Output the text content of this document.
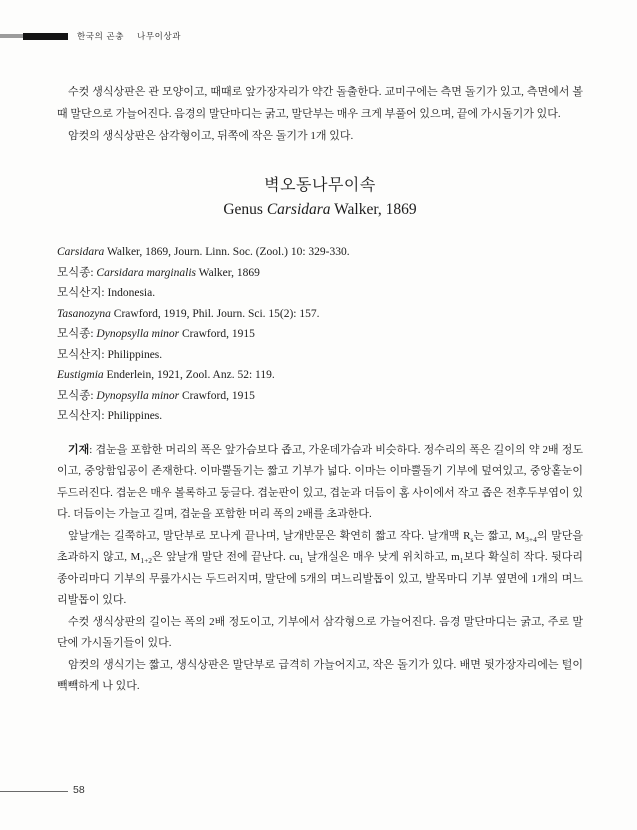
한국의 곤충 나무이상과

수컷 생식상판은 관 모양이고, 때때로 앞가장자리가 약간 돌출한다. 교미구에는 측면 돌기가 있고, 측면에서 볼 때 말단으로 가늘어진다. 음경의 말단마디는 굵고, 말단부는 매우 크게 부풀어 있으며, 끝에 가시돌기가 있다.

암컷의 생식상판은 삼각형이고, 뒤쪽에 작은 돌기가 1개 있다.

벽오동나무이속
Genus Carsidara Walker, 1869
Carsidara Walker, 1869, Journ. Linn. Soc. (Zool.) 10: 329-330.
모식종: Carsidara marginalis Walker, 1869
모식산지: Indonesia.
Tasanozyna Crawford, 1919, Phil. Journ. Sci. 15(2): 157.
모식종: Dynopsylla minor Crawford, 1915
모식산지: Philippines.
Eustigmia Enderlein, 1921, Zool. Anz. 52: 119.
모식종: Dynopsylla minor Crawford, 1915
모식산지: Philippines.

기재: 겹눈을 포함한 머리의 폭은 앞가슴보다 좁고, 가운데가슴과 비슷하다. 정수리의 폭은 길이의 약 2배 정도이고, 중앙함입공이 존재한다. 이마뿔돌기는 짧고 기부가 넓다. 이마는 이마뿔돌기 기부에 덮여있고, 중앙홑눈이 두드러진다. 겹눈은 매우 볼록하고 둥글다. 겹눈판이 있고, 겹눈과 더듬이 홈 사이에서 작고 좁은 전후두부엽이 있다. 더듬이는 가늘고 길며, 겹눈을 포함한 머리 폭의 2배를 초과한다.

앞날개는 길쭉하고, 말단부로 모나게 끝나며, 날개반문은 확연히 짧고 작다. 날개맥 $R_s$는 짧고, $M_{3+4}$의 말단을 초과하지 않고, $M_{1+2}$은 앞날개 말단 전에 끝난다. $cu_1$ 날개실은 매우 낮게 위치하고, $m_1$보다 확실히 작다. 뒷다리 종아리마디 기부의 무릎가시는 두드러지며, 말단에 5개의 며느리발톱이 있고, 발목마디 기부 옆면에 1개의 며느리발톱이 있다.

수컷 생식상판의 길이는 폭의 2배 정도이고, 기부에서 삼각형으로 가늘어진다. 음경 말단마디는 굵고, 주로 말단에 가시돌기들이 있다.

암컷의 생식기는 짧고, 생식상판은 말단부로 급격히 가늘어지고, 작은 돌기가 있다. 배면 뒷가장자리에는 털이 빽빽하게 나 있다.

58
